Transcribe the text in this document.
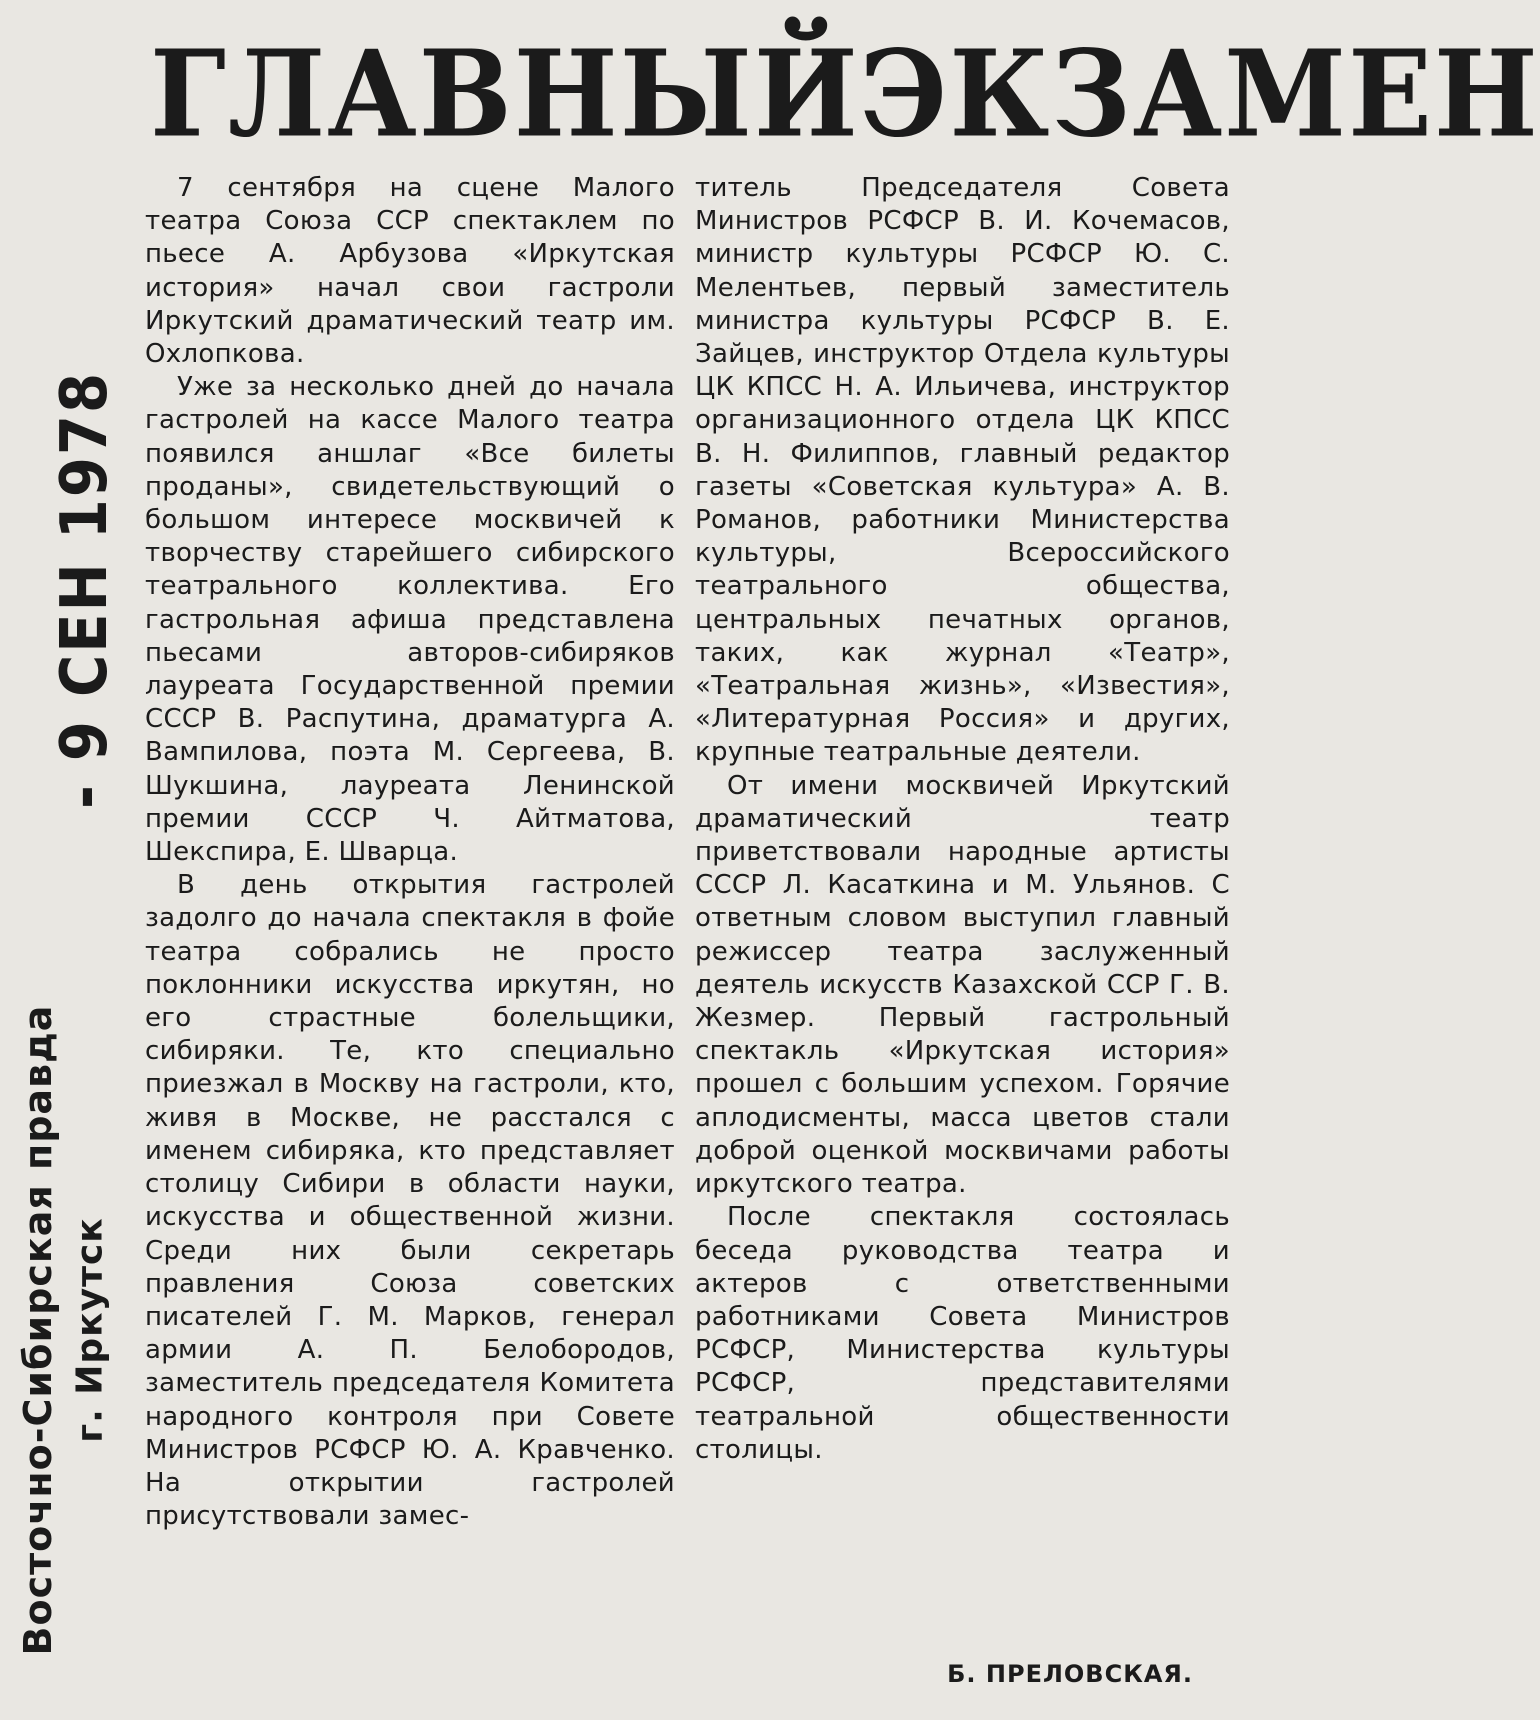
ГЛАВНЫЙ ЭКЗАМЕН
- 9 СЕН 1978
Восточно-Сибирская правда г. Иркутск

7 сентября на сцене Малого театра Союза ССР спектаклем по пьесе А. Арбузова «Иркутская история» начал свои гастроли Иркутский драматический театр им. Охлопкова.

Уже за несколько дней до начала гастролей на кассе Малого театра появился аншлаг «Все билеты проданы», свидетельствующий о большом интересе москвичей к творчеству старейшего сибирского театрального коллектива. Его гастрольная афиша представлена пьесами авторов-сибиряков лауреата Государственной премии СССР В. Распутина, драматурга А. Вампилова, поэта М. Сергеева, В. Шукшина, лауреата Ленинской премии СССР Ч. Айтматова, Шекспира, Е. Шварца.

В день открытия гастролей задолго до начала спектакля в фойе театра собрались не просто поклонники искусства иркутян, но его страстные болельщики, сибиряки. Те, кто специально приезжал в Москву на гастроли, кто, живя в Москве, не расстался с именем сибиряка, кто представляет столицу Сибири в области науки, искусства и общественной жизни. Среди них были секретарь правления Союза советских писателей Г. М. Марков, генерал армии А. П. Белобородов, заместитель председателя Комитета народного контроля при Совете Министров РСФСР Ю. А. Кравченко. На открытии гастролей присутствовали замес-

титель Председателя Совета Министров РСФСР В. И. Кочемасов, министр культуры РСФСР Ю. С. Мелентьев, первый заместитель министра культуры РСФСР В. Е. Зайцев, инструктор Отдела культуры ЦК КПСС Н. А. Ильичева, инструктор организационного отдела ЦК КПСС В. Н. Филиппов, главный редактор газеты «Советская культура» А. В. Романов, работники Министерства культуры, Всероссийского театрального общества, центральных печатных органов, таких, как журнал «Театр», «Театральная жизнь», «Известия», «Литературная Россия» и других, крупные театральные деятели.

От имени москвичей Иркутский драматический театр приветствовали народные артисты СССР Л. Касаткина и М. Ульянов. С ответным словом выступил главный режиссер театра заслуженный деятель искусств Казахской ССР Г. В. Жезмер. Первый гастрольный спектакль «Иркутская история» прошел с большим успехом. Горячие аплодисменты, масса цветов стали доброй оценкой москвичами работы иркутского театра.

После спектакля состоялась беседа руководства театра и актеров с ответственными работниками Совета Министров РСФСР, Министерства культуры РСФСР, представителями театральной общественности столицы.

Б. ПРЕЛОВСКАЯ.
